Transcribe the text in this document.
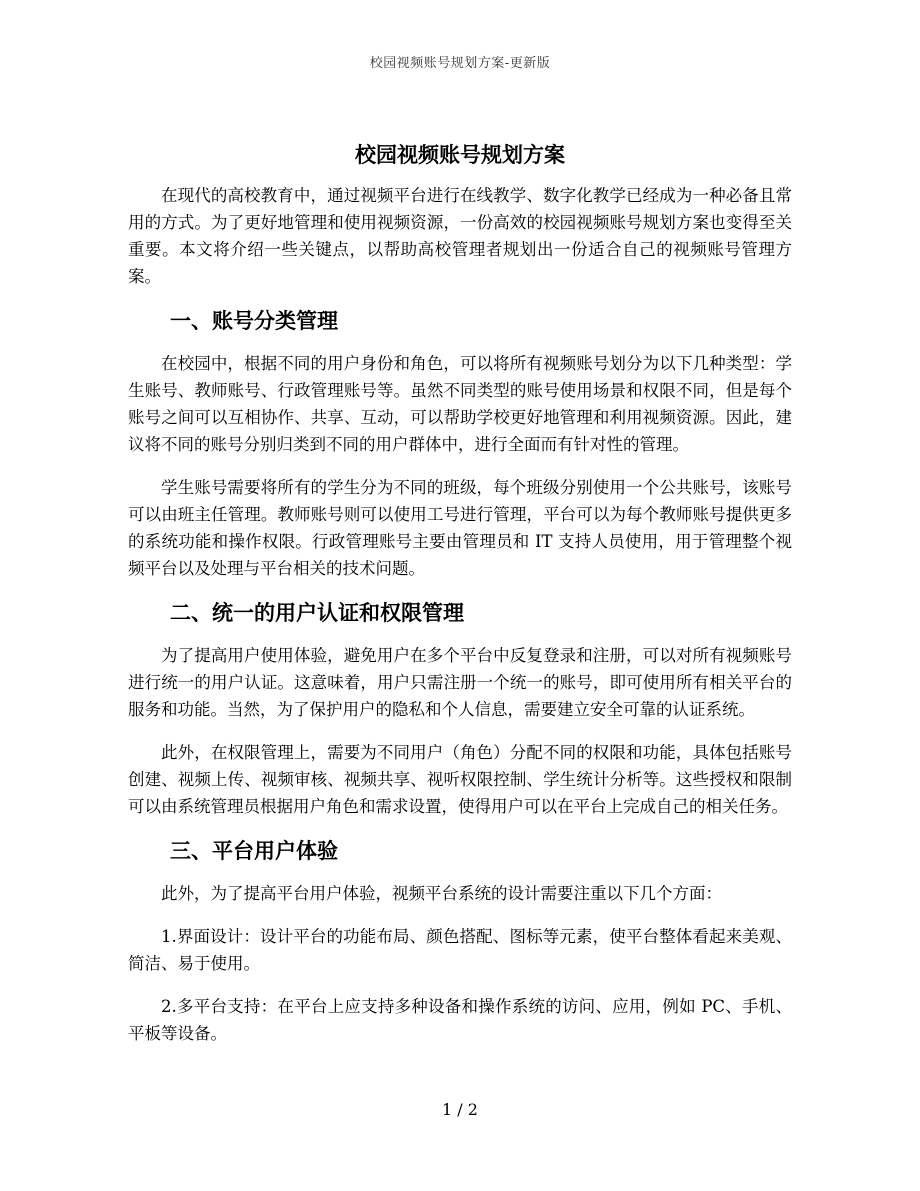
校园视频账号规划方案-更新版
校园视频账号规划方案

在现代的高校教育中，通过视频平台进行在线教学、数字化教学已经成为一种必备且常用的方式。为了更好地管理和使用视频资源，一份高效的校园视频账号规划方案也变得至关重要。本文将介绍一些关键点，以帮助高校管理者规划出一份适合自己的视频账号管理方案。

一、账号分类管理

在校园中，根据不同的用户身份和角色，可以将所有视频账号划分为以下几种类型：学生账号、教师账号、行政管理账号等。虽然不同类型的账号使用场景和权限不同，但是每个账号之间可以互相协作、共享、互动，可以帮助学校更好地管理和利用视频资源。因此，建议将不同的账号分别归类到不同的用户群体中，进行全面而有针对性的管理。

学生账号需要将所有的学生分为不同的班级，每个班级分别使用一个公共账号，该账号可以由班主任管理。教师账号则可以使用工号进行管理，平台可以为每个教师账号提供更多的系统功能和操作权限。行政管理账号主要由管理员和 IT 支持人员使用，用于管理整个视频平台以及处理与平台相关的技术问题。

二、统一的用户认证和权限管理

为了提高用户使用体验，避免用户在多个平台中反复登录和注册，可以对所有视频账号进行统一的用户认证。这意味着，用户只需注册一个统一的账号，即可使用所有相关平台的服务和功能。当然，为了保护用户的隐私和个人信息，需要建立安全可靠的认证系统。

此外，在权限管理上，需要为不同用户（角色）分配不同的权限和功能，具体包括账号创建、视频上传、视频审核、视频共享、视听权限控制、学生统计分析等。这些授权和限制可以由系统管理员根据用户角色和需求设置，使得用户可以在平台上完成自己的相关任务。

三、平台用户体验

此外，为了提高平台用户体验，视频平台系统的设计需要注重以下几个方面：

1.界面设计：设计平台的功能布局、颜色搭配、图标等元素，使平台整体看起来美观、简洁、易于使用。

2.多平台支持：在平台上应支持多种设备和操作系统的访问、应用，例如 PC、手机、平板等设备。

1 / 2
